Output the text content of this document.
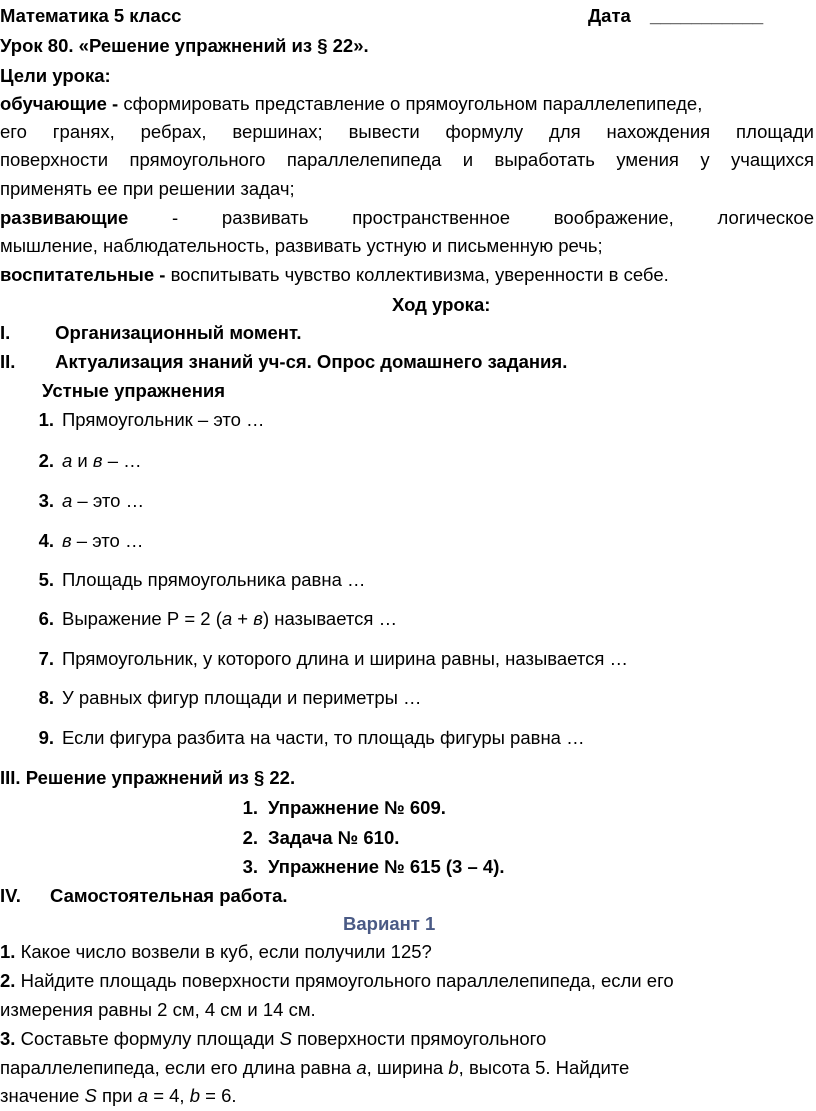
Математика 5 класс	Дата ___________
Урок 80. «Решение упражнений из § 22».
Цели урока:
обучающие - сформировать представление о прямоугольном параллелепипеде,
его гранях, ребрах, вершинах; вывести формулу для нахождения площади
поверхности прямоугольного параллелепипеда и выработать умения у учащихся
применять ее при решении задач;
развивающие - развивать пространственное воображение, логическое
мышление, наблюдательность, развивать устную и письменную речь;
воспитательные - воспитывать чувство коллективизма, уверенности в себе.
Ход урока:
I. Организационный момент.
II. Актуализация знаний уч-ся. Опрос домашнего задания.
Устные упражнения
1. Прямоугольник – это …
2. а и в – …
3. а – это …
4. в – это …
5. Площадь прямоугольника равна …
6. Выражение Р = 2 (а + в) называется …
7. Прямоугольник, у которого длина и ширина равны, называется …
8. У равных фигур площади и периметры …
9. Если фигура разбита на части, то площадь фигуры равна …
III. Решение упражнений из § 22.
1. Упражнение № 609.
2. Задача № 610.
3. Упражнение № 615 (3 – 4).
IV. Самостоятельная работа.
Вариант 1
1. Какое число возвели в куб, если получили 125?
2. Найдите площадь поверхности прямоугольного параллелепипеда, если его
измерения равны 2 см, 4 см и 14 см.
3. Составьте формулу площади S поверхности прямоугольного
параллелепипеда, если его длина равна а, ширина b, высота 5. Найдите
значение S при а = 4, b = 6.
